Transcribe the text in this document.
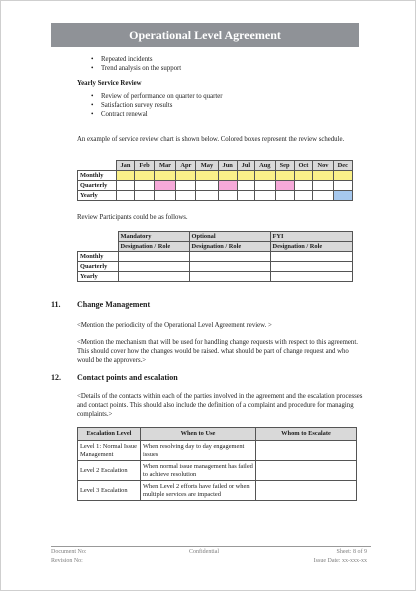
Operational Level Agreement
• Repeated incidents
• Trend analysis on the support
Yearly Service Review
• Review of performance on quarter to quarter
• Satisfaction survey results
• Contract renewal
An example of service review chart is shown below. Colored boxes represent the review schedule.
	Jan	Feb	Mar	Apr	May	Jun	Jul	Aug	Sep	Oct	Nov	Dec
Monthly												
Quarterly												
Yearly												
Review Participants could be as follows.
	Mandatory	Optional	FYI
	Designation / Role	Designation / Role	Designation / Role
Monthly			
Quarterly			
Yearly			
11. Change Management
<Mention the periodicity of the Operational Level Agreement review. >
<Mention the mechanism that will be used for handling change requests with respect to this agreement. This should cover how the changes would be raised. what should be part of change request and who would be the approvers.>
12. Contact points and escalation
<Details of the contacts within each of the parties involved in the agreement and the escalation processes and contact points. This should also include the definition of a complaint and procedure for managing complaints.>
Escalation Level	When to Use	Whom to Escalate
Level 1: Normal Issue Management	When resolving day to day engagement issues	
Level 2 Escalation	When normal issue management has failed to achieve resolution	
Level 3 Escalation	When Level 2 efforts have failed or when multiple services are impacted	
Document No:
Revision No:
Confidential	Sheet: 8 of 9
Issue Date: xx-xxx-xx
